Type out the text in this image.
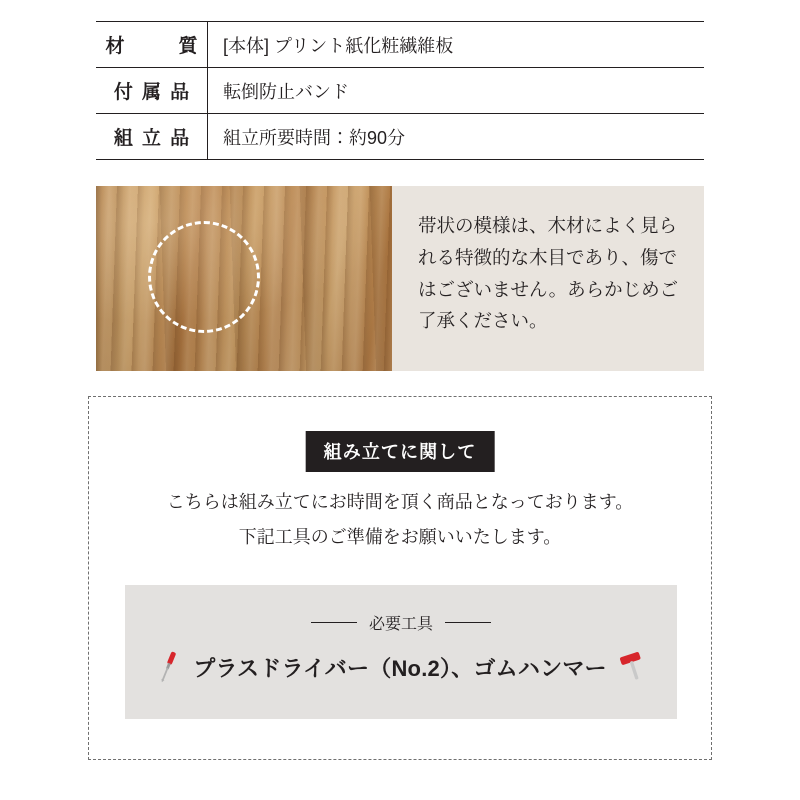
材　　質	[本体] プリント紙化粧繊維板
付 属 品	転倒防止バンド
組 立 品	組立所要時間：約90分
帯状の模様は、木材によく見られる特徴的な木目であり、傷ではございません。あらかじめご了承ください。
組み立てに関して
こちらは組み立てにお時間を頂く商品となっております。
下記工具のご準備をお願いいたします。
必要工具
プラスドライバー（No.2）、ゴムハンマー
